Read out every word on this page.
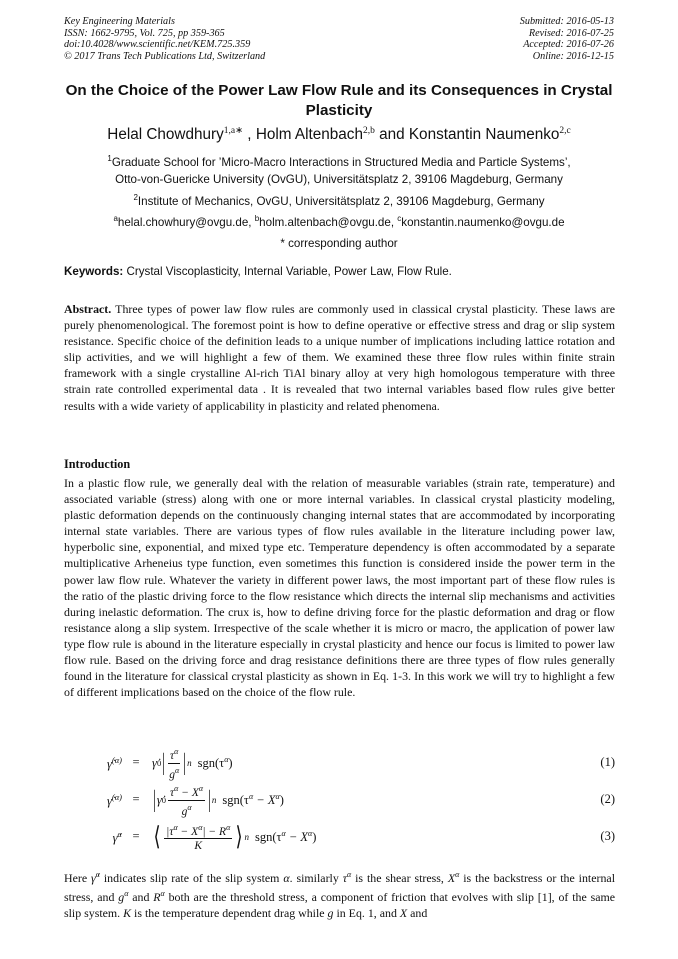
Key Engineering Materials
ISSN: 1662-9795, Vol. 725, pp 359-365
doi:10.4028/www.scientific.net/KEM.725.359
© 2017 Trans Tech Publications Ltd, Switzerland
Submitted: 2016-05-13
Revised: 2016-07-25
Accepted: 2016-07-26
Online: 2016-12-15
On the Choice of the Power Law Flow Rule and its Consequences in Crystal Plasticity
Helal Chowdhury$^{1,a∗}$ , Holm Altenbach$^{2,b}$ and Konstantin Naumenko$^{2,c}$
$^1$Graduate School for ’Micro-Macro Interactions in Structured Media and Particle Systems’,
Otto-von-Guericke University (OvGU), Universitätsplatz 2, 39106 Magdeburg, Germany
$^2$Institute of Mechanics, OvGU, Universitätsplatz 2, 39106 Magdeburg, Germany
$^a$helal.chowhury@ovgu.de, $^b$holm.altenbach@ovgu.de, $^c$konstantin.naumenko@ovgu.de
* corresponding author
Keywords: Crystal Viscoplasticity, Internal Variable, Power Law, Flow Rule.
Abstract. Three types of power law flow rules are commonly used in classical crystal plasticity. These laws are purely phenomenological. The foremost point is how to define operative or effective stress and drag or slip system resistance. Specific choice of the definition leads to a unique number of implications including lattice rotation and slip activities, and we will highlight a few of them. We examined these three flow rules within finite strain framework with a single crystalline Al-rich TiAl binary alloy at very high homologous temperature with three strain rate controlled experimental data . It is revealed that two internal variables based flow rules give better results with a wide variety of applicability in plasticity and related phenomena.
Introduction
In a plastic flow rule, we generally deal with the relation of measurable variables (strain rate, temperature) and associated variable (stress) along with one or more internal variables. In classical crystal plasticity modeling, plastic deformation depends on the continuously changing internal states that are accommodated by incorporating internal state variables. There are various types of flow rules available in the literature including power law, hyperbolic sine, exponential, and mixed type etc. Temperature dependency is often accommodated by a separate multiplicative Arheneius type function, even sometimes this function is considered inside the power term in the power law flow rule. Whatever the variety in different power laws, the most important part of these flow rules is the ratio of the plastic driving force to the flow resistance which directs the internal slip mechanisms and activities during inelastic deformation. The crux is, how to define driving force for the plastic deformation and drag or flow resistance along a slip system. Irrespective of the scale whether it is micro or macro, the application of power law type flow rule is abound in the literature especially in crystal plasticity and hence our focus is limited to power law flow rule. Based on the driving force and drag resistance definitions there are three types of flow rules generally found in the literature for classical crystal plasticity as shown in Eq. 1-3. In this work we will try to highlight a few of different implications based on the choice of the flow rule.
γ̇$^{(\alpha)}$ = γ̇ 0 | $\frac{\tau^\alpha}{g^\alpha}$ | n $sgn(\tau^\alpha)$	(1)
γ̇$^{(\alpha)}$ = | γ̇ $0 \frac{\tau^\alpha - X^\alpha}{g^\alpha}$ | n $sgn(\tau^\alpha - X^\alpha)$	(2)
γ̇$^\alpha$ = ⟨ $\frac{|\tau^\alpha - X^\alpha| - R^\alpha}{K}$ ⟩ n $sgn(\tau^\alpha - X^\alpha)$	(3)
Here γ̇$^\alpha$ indicates slip rate of the slip system α. similarly $\tau^\alpha$ is the shear stress, $X^\alpha$ is the backstress or the internal stress, and $g^\alpha$ and $R^\alpha$ both are the threshold stress, a component of friction that evolves with slip [1], of the same slip system. K is the temperature dependent drag while g in Eq. 1, and X and
